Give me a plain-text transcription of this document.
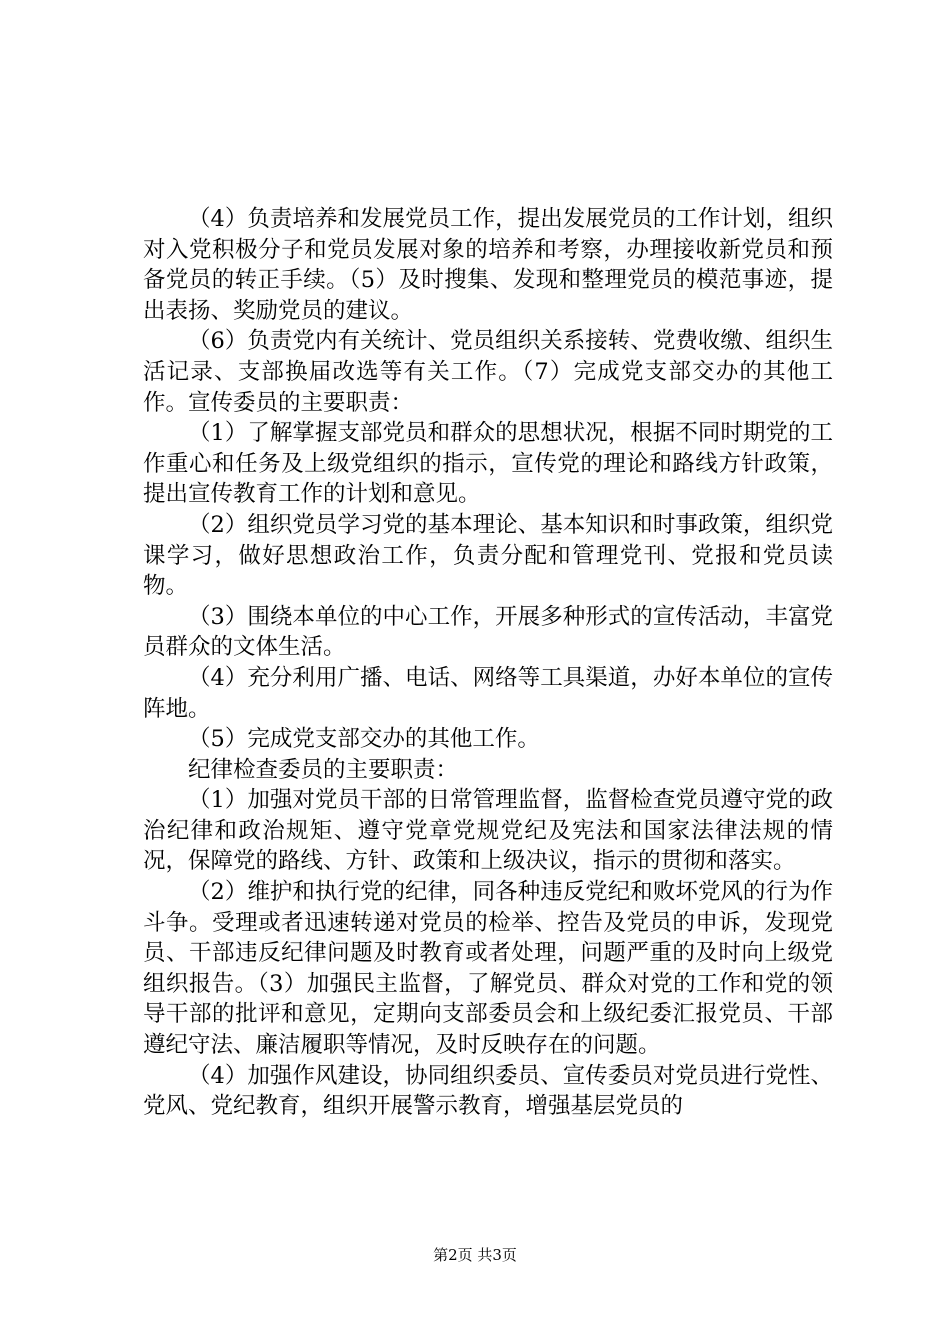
（4）负责培养和发展党员工作，提出发展党员的工作计划，组织对入党积极分子和党员发展对象的培养和考察，办理接收新党员和预备党员的转正手续。（5）及时搜集、发现和整理党员的模范事迹，提出表扬、奖励党员的建议。

（6）负责党内有关统计、党员组织关系接转、党费收缴、组织生活记录、支部换届改选等有关工作。（7）完成党支部交办的其他工作。宣传委员的主要职责：

（1）了解掌握支部党员和群众的思想状况，根据不同时期党的工作重心和任务及上级党组织的指示，宣传党的理论和路线方针政策，提出宣传教育工作的计划和意见。

（2）组织党员学习党的基本理论、基本知识和时事政策，组织党课学习，做好思想政治工作，负责分配和管理党刊、党报和党员读物。

（3）围绕本单位的中心工作，开展多种形式的宣传活动，丰富党员群众的文体生活。

（4）充分利用广播、电话、网络等工具渠道，办好本单位的宣传阵地。

（5）完成党支部交办的其他工作。

纪律检查委员的主要职责：

（1）加强对党员干部的日常管理监督，监督检查党员遵守党的政治纪律和政治规矩、遵守党章党规党纪及宪法和国家法律法规的情况，保障党的路线、方针、政策和上级决议，指示的贯彻和落实。

（2）维护和执行党的纪律，同各种违反党纪和败坏党风的行为作斗争。受理或者迅速转递对党员的检举、控告及党员的申诉，发现党员、干部违反纪律问题及时教育或者处理，问题严重的及时向上级党组织报告。（3）加强民主监督，了解党员、群众对党的工作和党的领导干部的批评和意见，定期向支部委员会和上级纪委汇报党员、干部遵纪守法、廉洁履职等情况，及时反映存在的问题。

（4）加强作风建设，协同组织委员、宣传委员对党员进行党性、党风、党纪教育，组织开展警示教育，增强基层党员的

第2页 共3页
